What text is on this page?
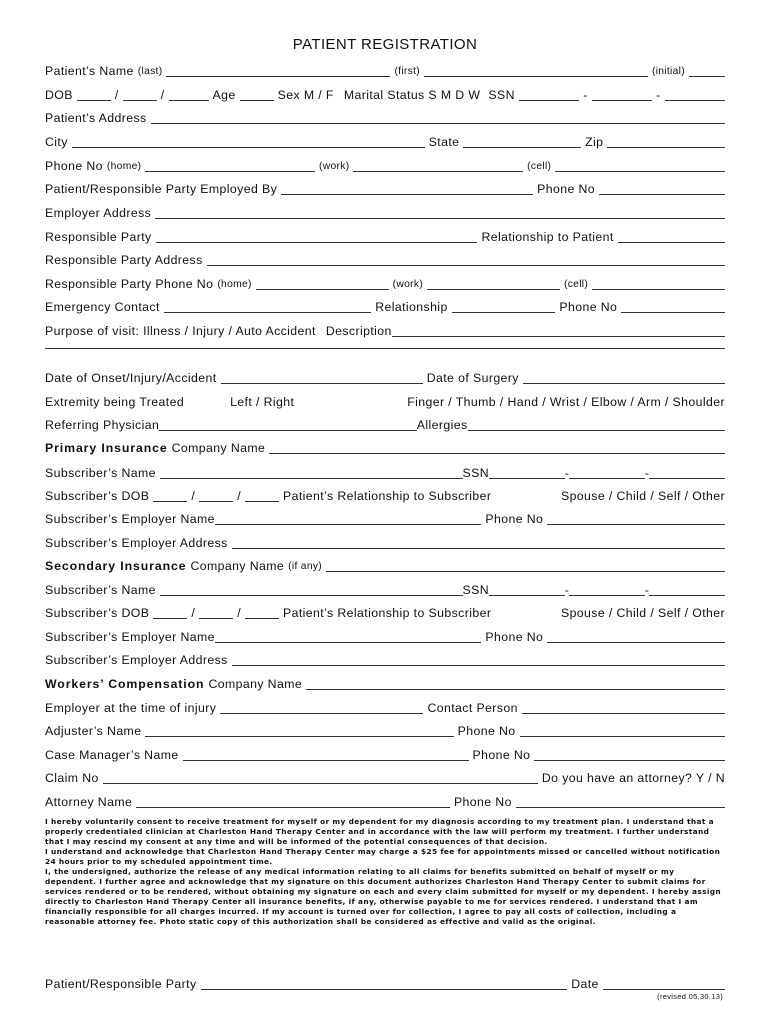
PATIENT REGISTRATION
Patient’s Name (last)	(first)	(initial)
DOB	/	/	Age	Sex M / F Marital Status S M D W SSN	-	-
Patient’s Address
City	State	Zip
Phone No (home)	(work)	(cell)
Patient/Responsible Party Employed By	Phone No
Employer Address
Responsible Party	Relationship to Patient
Responsible Party Address
Responsible Party Phone No (home)	(work)	(cell)
Emergency Contact	Relationship	Phone No
Purpose of visit: Illness / Injury / Auto Accident Description
Date of Onset/Injury/Accident	Date of Surgery
Extremity being Treated	Left / Right	Finger / Thumb / Hand / Wrist / Elbow / Arm / Shoulder
Referring Physician	Allergies
Primary Insurance Company Name
Subscriber’s Name	SSN	-	-
Subscriber’s DOB	/	/	Patient’s Relationship to Subscriber	Spouse / Child / Self / Other
Subscriber’s Employer Name	Phone No
Subscriber’s Employer Address
Secondary Insurance Company Name (if any)
Subscriber’s Name	SSN	-	-
Subscriber’s DOB	/	/	Patient’s Relationship to Subscriber	Spouse / Child / Self / Other
Subscriber’s Employer Name	Phone No
Subscriber’s Employer Address
Workers’ Compensation Company Name
Employer at the time of injury	Contact Person
Adjuster’s Name	Phone No
Case Manager’s Name	Phone No
Claim No	Do you have an attorney? Y / N
Attorney Name	Phone No

I hereby voluntarily consent to receive treatment for myself or my dependent for my diagnosis according to my treatment plan. I understand that a properly credentialed clinician at Charleston Hand Therapy Center and in accordance with the law will perform my treatment. I further understand that I may rescind my consent at any time and will be informed of the potential consequences of that decision.

I understand and acknowledge that Charleston Hand Therapy Center may charge a $25 fee for appointments missed or cancelled without notification 24 hours prior to my scheduled appointment time.

I, the undersigned, authorize the release of any medical information relating to all claims for benefits submitted on behalf of myself or my dependent. I further agree and acknowledge that my signature on this document authorizes Charleston Hand Therapy Center to submit claims for services rendered or to be rendered, without obtaining my signature on each and every claim submitted for myself or my dependent. I hereby assign directly to Charleston Hand Therapy Center all insurance benefits, if any, otherwise payable to me for services rendered. I understand that I am financially responsible for all charges incurred. If my account is turned over for collection, I agree to pay all costs of collection, including a reasonable attorney fee. Photo static copy of this authorization shall be considered as effective and valid as the original.

Patient/Responsible Party	Date
(revised 05.30.13)
